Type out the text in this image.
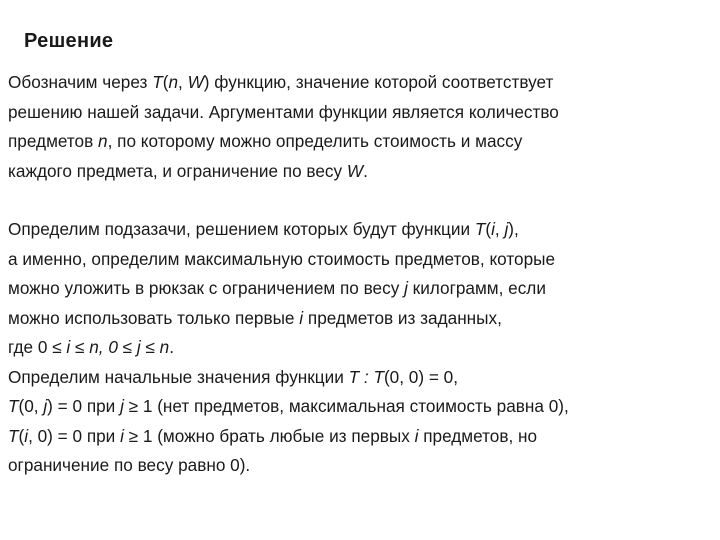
Решение
Обозначим через T(n, W) функцию, значение которой соответствует
решению нашей задачи. Аргументами функции является количество
предметов n, по которому можно определить стоимость и массу
каждого предмета, и ограничение по весу W.
Определим подзазачи, решением которых будут функции T(i, j),
а именно, определим максимальную стоимость предметов, которые
можно уложить в рюкзак с ограничением по весу j килограмм, если
можно использовать только первые i предметов из заданных,
где 0 ≤ i ≤ n, 0 ≤ j ≤ n.
Определим начальные значения функции T : T(0, 0) = 0,
T(0, j) = 0 при j ≥ 1 (нет предметов, максимальная стоимость равна 0),
T(i, 0) = 0 при i ≥ 1 (можно брать любые из первых i предметов, но
ограничение по весу равно 0).
